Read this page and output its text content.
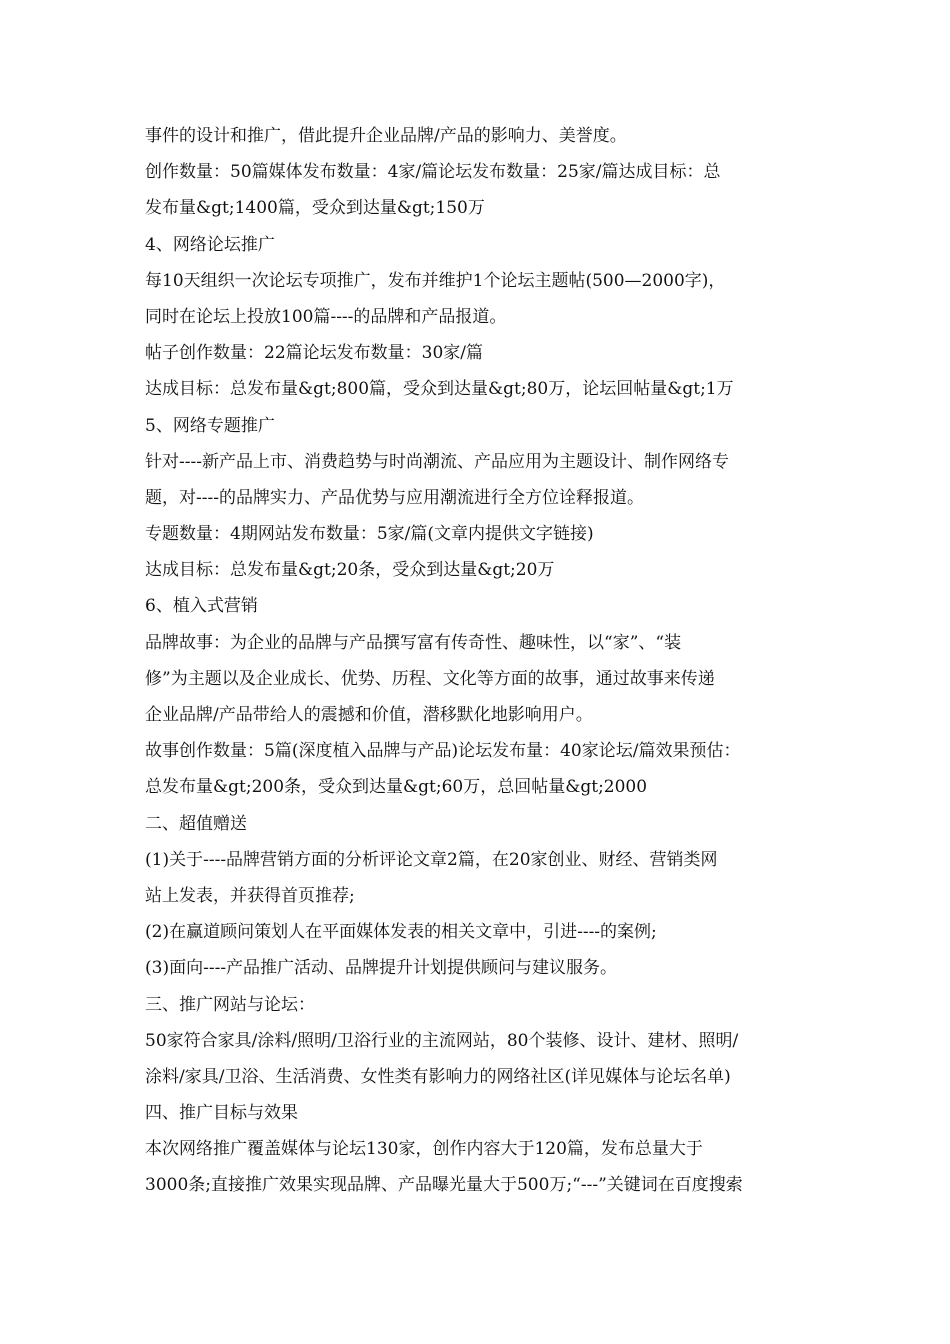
事件的设计和推广，借此提升企业品牌/产品的影响力、美誉度。
创作数量：50篇媒体发布数量：4家/篇论坛发布数量：25家/篇达成目标：总
发布量&gt;1400篇，受众到达量&gt;150万
4、网络论坛推广
每10天组织一次论坛专项推广，发布并维护1个论坛主题帖(500—2000字)，
同时在论坛上投放100篇----的品牌和产品报道。
帖子创作数量：22篇论坛发布数量：30家/篇
达成目标：总发布量&gt;800篇，受众到达量&gt;80万，论坛回帖量&gt;1万
5、网络专题推广
针对----新产品上市、消费趋势与时尚潮流、产品应用为主题设计、制作网络专
题，对----的品牌实力、产品优势与应用潮流进行全方位诠释报道。
专题数量：4期网站发布数量：5家/篇(文章内提供文字链接)
达成目标：总发布量&gt;20条，受众到达量&gt;20万
6、植入式营销
品牌故事：为企业的品牌与产品撰写富有传奇性、趣味性，以“家”、“装
修”为主题以及企业成长、优势、历程、文化等方面的故事，通过故事来传递
企业品牌/产品带给人的震撼和价值，潜移默化地影响用户。
故事创作数量：5篇(深度植入品牌与产品)论坛发布量：40家论坛/篇效果预估：
总发布量&gt;200条，受众到达量&gt;60万，总回帖量&gt;2000
二、超值赠送
(1)关于----品牌营销方面的分析评论文章2篇，在20家创业、财经、营销类网
站上发表，并获得首页推荐;
(2)在赢道顾问策划人在平面媒体发表的相关文章中，引进----的案例;
(3)面向----产品推广活动、品牌提升计划提供顾问与建议服务。
三、推广网站与论坛：
50家符合家具/涂料/照明/卫浴行业的主流网站，80个装修、设计、建材、照明/
涂料/家具/卫浴、生活消费、女性类有影响力的网络社区(详见媒体与论坛名单)
四、推广目标与效果
本次网络推广覆盖媒体与论坛130家，创作内容大于120篇，发布总量大于
3000条;直接推广效果实现品牌、产品曝光量大于500万;“---”关键词在百度搜索
